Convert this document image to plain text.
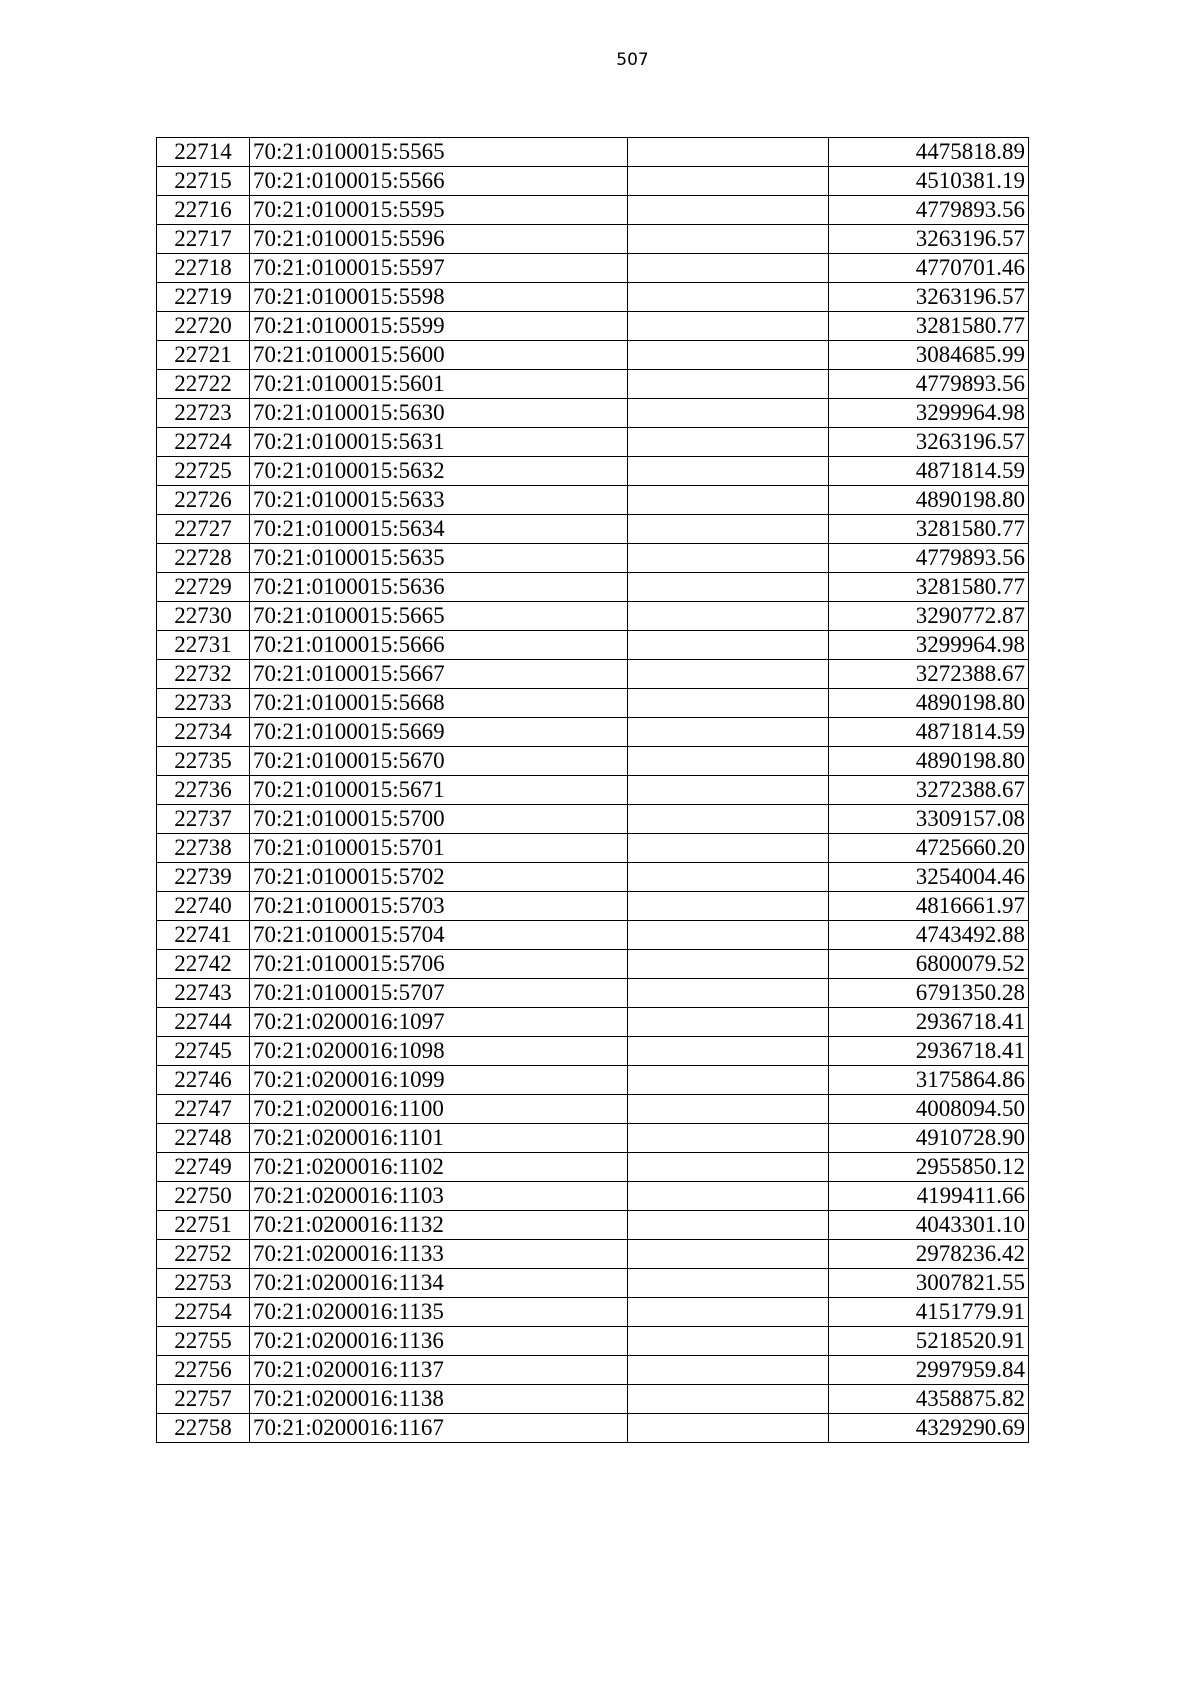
507
22714	70:21:0100015:5565		4475818.89
22715	70:21:0100015:5566		4510381.19
22716	70:21:0100015:5595		4779893.56
22717	70:21:0100015:5596		3263196.57
22718	70:21:0100015:5597		4770701.46
22719	70:21:0100015:5598		3263196.57
22720	70:21:0100015:5599		3281580.77
22721	70:21:0100015:5600		3084685.99
22722	70:21:0100015:5601		4779893.56
22723	70:21:0100015:5630		3299964.98
22724	70:21:0100015:5631		3263196.57
22725	70:21:0100015:5632		4871814.59
22726	70:21:0100015:5633		4890198.80
22727	70:21:0100015:5634		3281580.77
22728	70:21:0100015:5635		4779893.56
22729	70:21:0100015:5636		3281580.77
22730	70:21:0100015:5665		3290772.87
22731	70:21:0100015:5666		3299964.98
22732	70:21:0100015:5667		3272388.67
22733	70:21:0100015:5668		4890198.80
22734	70:21:0100015:5669		4871814.59
22735	70:21:0100015:5670		4890198.80
22736	70:21:0100015:5671		3272388.67
22737	70:21:0100015:5700		3309157.08
22738	70:21:0100015:5701		4725660.20
22739	70:21:0100015:5702		3254004.46
22740	70:21:0100015:5703		4816661.97
22741	70:21:0100015:5704		4743492.88
22742	70:21:0100015:5706		6800079.52
22743	70:21:0100015:5707		6791350.28
22744	70:21:0200016:1097		2936718.41
22745	70:21:0200016:1098		2936718.41
22746	70:21:0200016:1099		3175864.86
22747	70:21:0200016:1100		4008094.50
22748	70:21:0200016:1101		4910728.90
22749	70:21:0200016:1102		2955850.12
22750	70:21:0200016:1103		4199411.66
22751	70:21:0200016:1132		4043301.10
22752	70:21:0200016:1133		2978236.42
22753	70:21:0200016:1134		3007821.55
22754	70:21:0200016:1135		4151779.91
22755	70:21:0200016:1136		5218520.91
22756	70:21:0200016:1137		2997959.84
22757	70:21:0200016:1138		4358875.82
22758	70:21:0200016:1167		4329290.69
